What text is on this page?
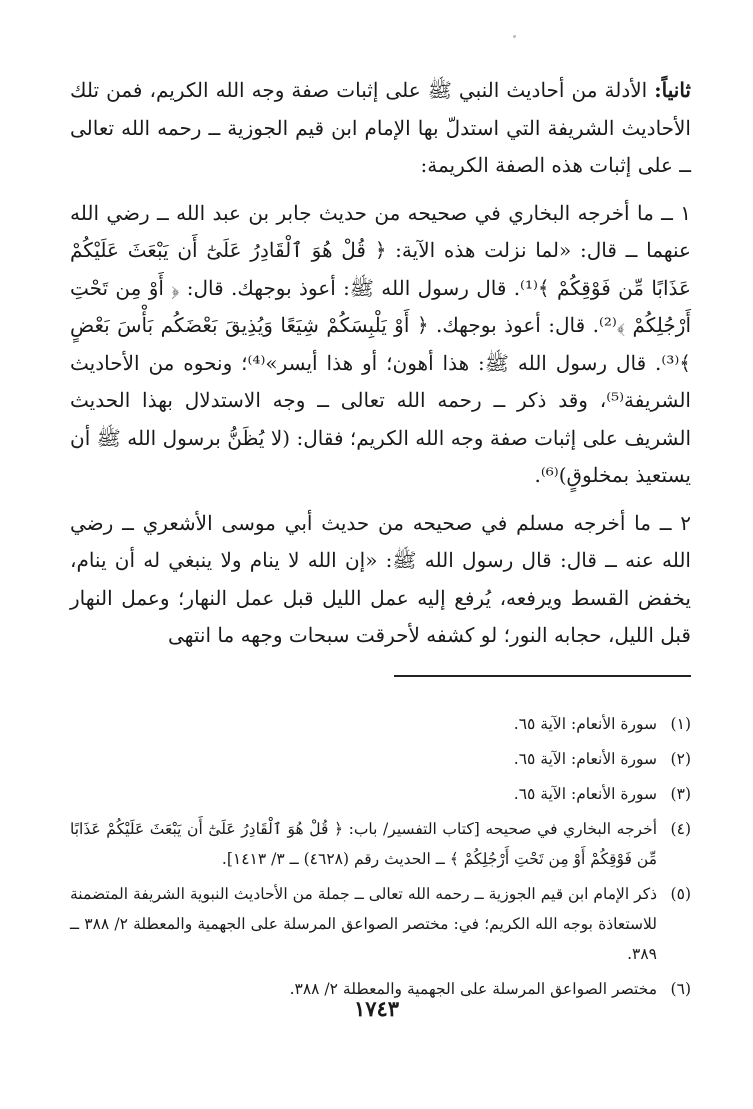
ثانياً: الأدلة من أحاديث النبي ﷺ على إثبات صفة وجه الله الكريم، فمن تلك الأحاديث الشريفة التي استدلّ بها الإمام ابن قيم الجوزية ــ رحمه الله تعالى ــ على إثبات هذه الصفة الكريمة:

١ ــ ما أخرجه البخاري في صحيحه من حديث جابر بن عبد الله ــ رضي الله عنهما ــ قال: «لما نزلت هذه الآية: ﴿ قُلْ هُوَ ٱلْقَادِرُ عَلَىٰٓ أَن يَبْعَثَ عَلَيْكُمْ عَذَابًا مِّن فَوْقِكُمْ ﴾⁽¹⁾. قال رسول الله ﷺ: أعوذ بوجهك. قال: ﴿ أَوْ مِن تَحْتِ أَرْجُلِكُمْ ﴾⁽²⁾. قال: أعوذ بوجهك. ﴿ أَوْ يَلْبِسَكُمْ شِيَعًا وَيُذِيقَ بَعْضَكُم بَأْسَ بَعْضٍ ﴾⁽³⁾. قال رسول الله ﷺ: هذا أهون؛ أو هذا أيسر»⁽⁴⁾؛ ونحوه من الأحاديث الشريفة⁽⁵⁾، وقد ذكر ــ رحمه الله تعالى ــ وجه الاستدلال بهذا الحديث الشريف على إثبات صفة وجه الله الكريم؛ فقال: (لا يُظَنُّ برسول الله ﷺ أن يستعيذ بمخلوقٍ)⁽⁶⁾.

٢ ــ ما أخرجه مسلم في صحيحه من حديث أبي موسى الأشعري ــ رضي الله عنه ــ قال: قال رسول الله ﷺ: «إن الله لا ينام ولا ينبغي له أن ينام، يخفض القسط ويرفعه، يُرفع إليه عمل الليل قبل عمل النهار؛ وعمل النهار قبل الليل، حجابه النور؛ لو كشفه لأحرقت سبحات وجهه ما انتهى

(١)
سورة الأنعام: الآية ٦٥.
(٢)
سورة الأنعام: الآية ٦٥.
(٣)
سورة الأنعام: الآية ٦٥.
(٤)
أخرجه البخاري في صحيحه [كتاب التفسير/ باب: ﴿ قُلْ هُوَ ٱلْقَادِرُ عَلَىٰٓ أَن يَبْعَثَ عَلَيْكُمْ عَذَابًا مِّن فَوْقِكُمْ أَوْ مِن تَحْتِ أَرْجُلِكُمْ ﴾ ــ الحديث رقم (٤٦٢٨) ــ ٣/ ١٤١٣].
(٥)
ذكر الإمام ابن قيم الجوزية ــ رحمه الله تعالى ــ جملة من الأحاديث النبوية الشريفة المتضمنة للاستعاذة بوجه الله الكريم؛ في: مختصر الصواعق المرسلة على الجهمية والمعطلة ٢/ ٣٨٨ ــ ٣٨٩.
(٦)
مختصر الصواعق المرسلة على الجهمية والمعطلة ٢/ ٣٨٨.
١٧٤٣
